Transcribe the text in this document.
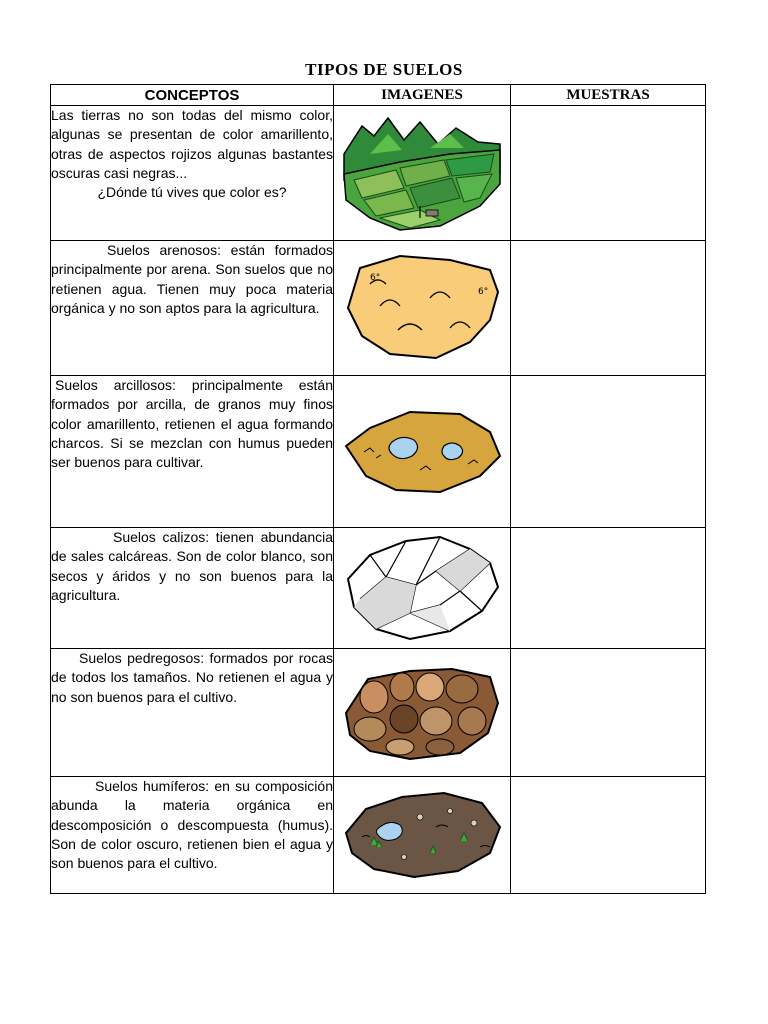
TIPOS DE SUELOS
CONCEPTOS	IMAGENES	MUESTRAS

Las tierras no son todas del mismo color, algunas se presentan de color amarillento, otras de aspectos rojizos algunas bastantes oscuras casi negras...
¿Dónde tú vives que color es?

Suelos arenosos: están formados principalmente por arena. Son suelos que no retienen agua. Tienen muy poca materia orgánica y no son aptos para la agricultura.	6°
6°	

Suelos arcillosos: principalmente están formados por arcilla, de granos muy finos color amarillento, retienen el agua formando charcos. Si se mezclan con humus pueden ser buenos para cultivar.

Suelos calizos: tienen abundancia de sales calcáreas. Son de color blanco, son secos y áridos y no son buenos para la agricultura.

Suelos pedregosos: formados por rocas de todos los tamaños. No retienen el agua y no son buenos para el cultivo.

Suelos humíferos: en su composición abunda la materia orgánica en descomposición o descompuesta (humus). Son de color oscuro, retienen bien el agua y son buenos para el cultivo.
